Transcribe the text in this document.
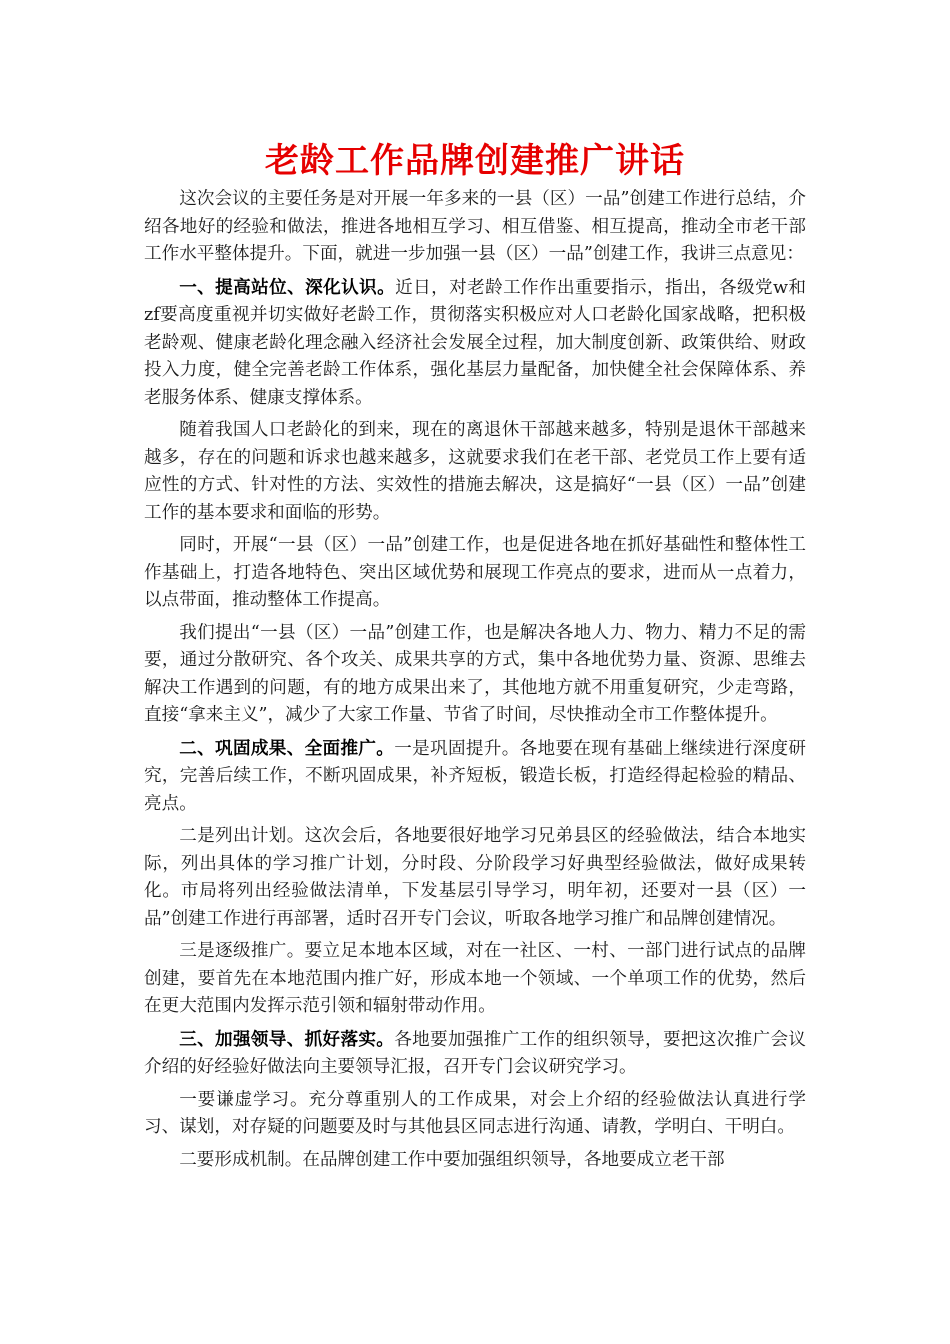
老龄工作品牌创建推广讲话

这次会议的主要任务是对开展一年多来的一县（区）一品”创建工作进行总结，介绍各地好的经验和做法，推进各地相互学习、相互借鉴、相互提高，推动全市老干部工作水平整体提升。下面，就进一步加强一县（区）一品”创建工作，我讲三点意见：

一、提高站位、深化认识。近日，对老龄工作作出重要指示，指出，各级党w和zf要高度重视并切实做好老龄工作，贯彻落实积极应对人口老龄化国家战略，把积极老龄观、健康老龄化理念融入经济社会发展全过程，加大制度创新、政策供给、财政投入力度，健全完善老龄工作体系，强化基层力量配备，加快健全社会保障体系、养老服务体系、健康支撑体系。

随着我国人口老龄化的到来，现在的离退休干部越来越多，特别是退休干部越来越多，存在的问题和诉求也越来越多，这就要求我们在老干部、老党员工作上要有适应性的方式、针对性的方法、实效性的措施去解决，这是搞好“一县（区）一品”创建工作的基本要求和面临的形势。

同时，开展“一县（区）一品”创建工作，也是促进各地在抓好基础性和整体性工作基础上，打造各地特色、突出区域优势和展现工作亮点的要求，进而从一点着力，以点带面，推动整体工作提高。

我们提出“一县（区）一品”创建工作，也是解决各地人力、物力、精力不足的需要，通过分散研究、各个攻关、成果共享的方式，集中各地优势力量、资源、思维去解决工作遇到的问题，有的地方成果出来了，其他地方就不用重复研究，少走弯路，直接“拿来主义”，减少了大家工作量、节省了时间，尽快推动全市工作整体提升。

二、巩固成果、全面推广。一是巩固提升。各地要在现有基础上继续进行深度研究，完善后续工作，不断巩固成果，补齐短板，锻造长板，打造经得起检验的精品、亮点。

二是列出计划。这次会后，各地要很好地学习兄弟县区的经验做法，结合本地实际，列出具体的学习推广计划，分时段、分阶段学习好典型经验做法，做好成果转化。市局将列出经验做法清单，下发基层引导学习，明年初，还要对一县（区）一品”创建工作进行再部署，适时召开专门会议，听取各地学习推广和品牌创建情况。

三是逐级推广。要立足本地本区域，对在一社区、一村、一部门进行试点的品牌创建，要首先在本地范围内推广好，形成本地一个领域、一个单项工作的优势，然后在更大范围内发挥示范引领和辐射带动作用。

三、加强领导、抓好落实。各地要加强推广工作的组织领导，要把这次推广会议介绍的好经验好做法向主要领导汇报，召开专门会议研究学习。

一要谦虚学习。充分尊重别人的工作成果，对会上介绍的经验做法认真进行学习、谋划，对存疑的问题要及时与其他县区同志进行沟通、请教，学明白、干明白。

二要形成机制。在品牌创建工作中要加强组织领导，各地要成立老干部
